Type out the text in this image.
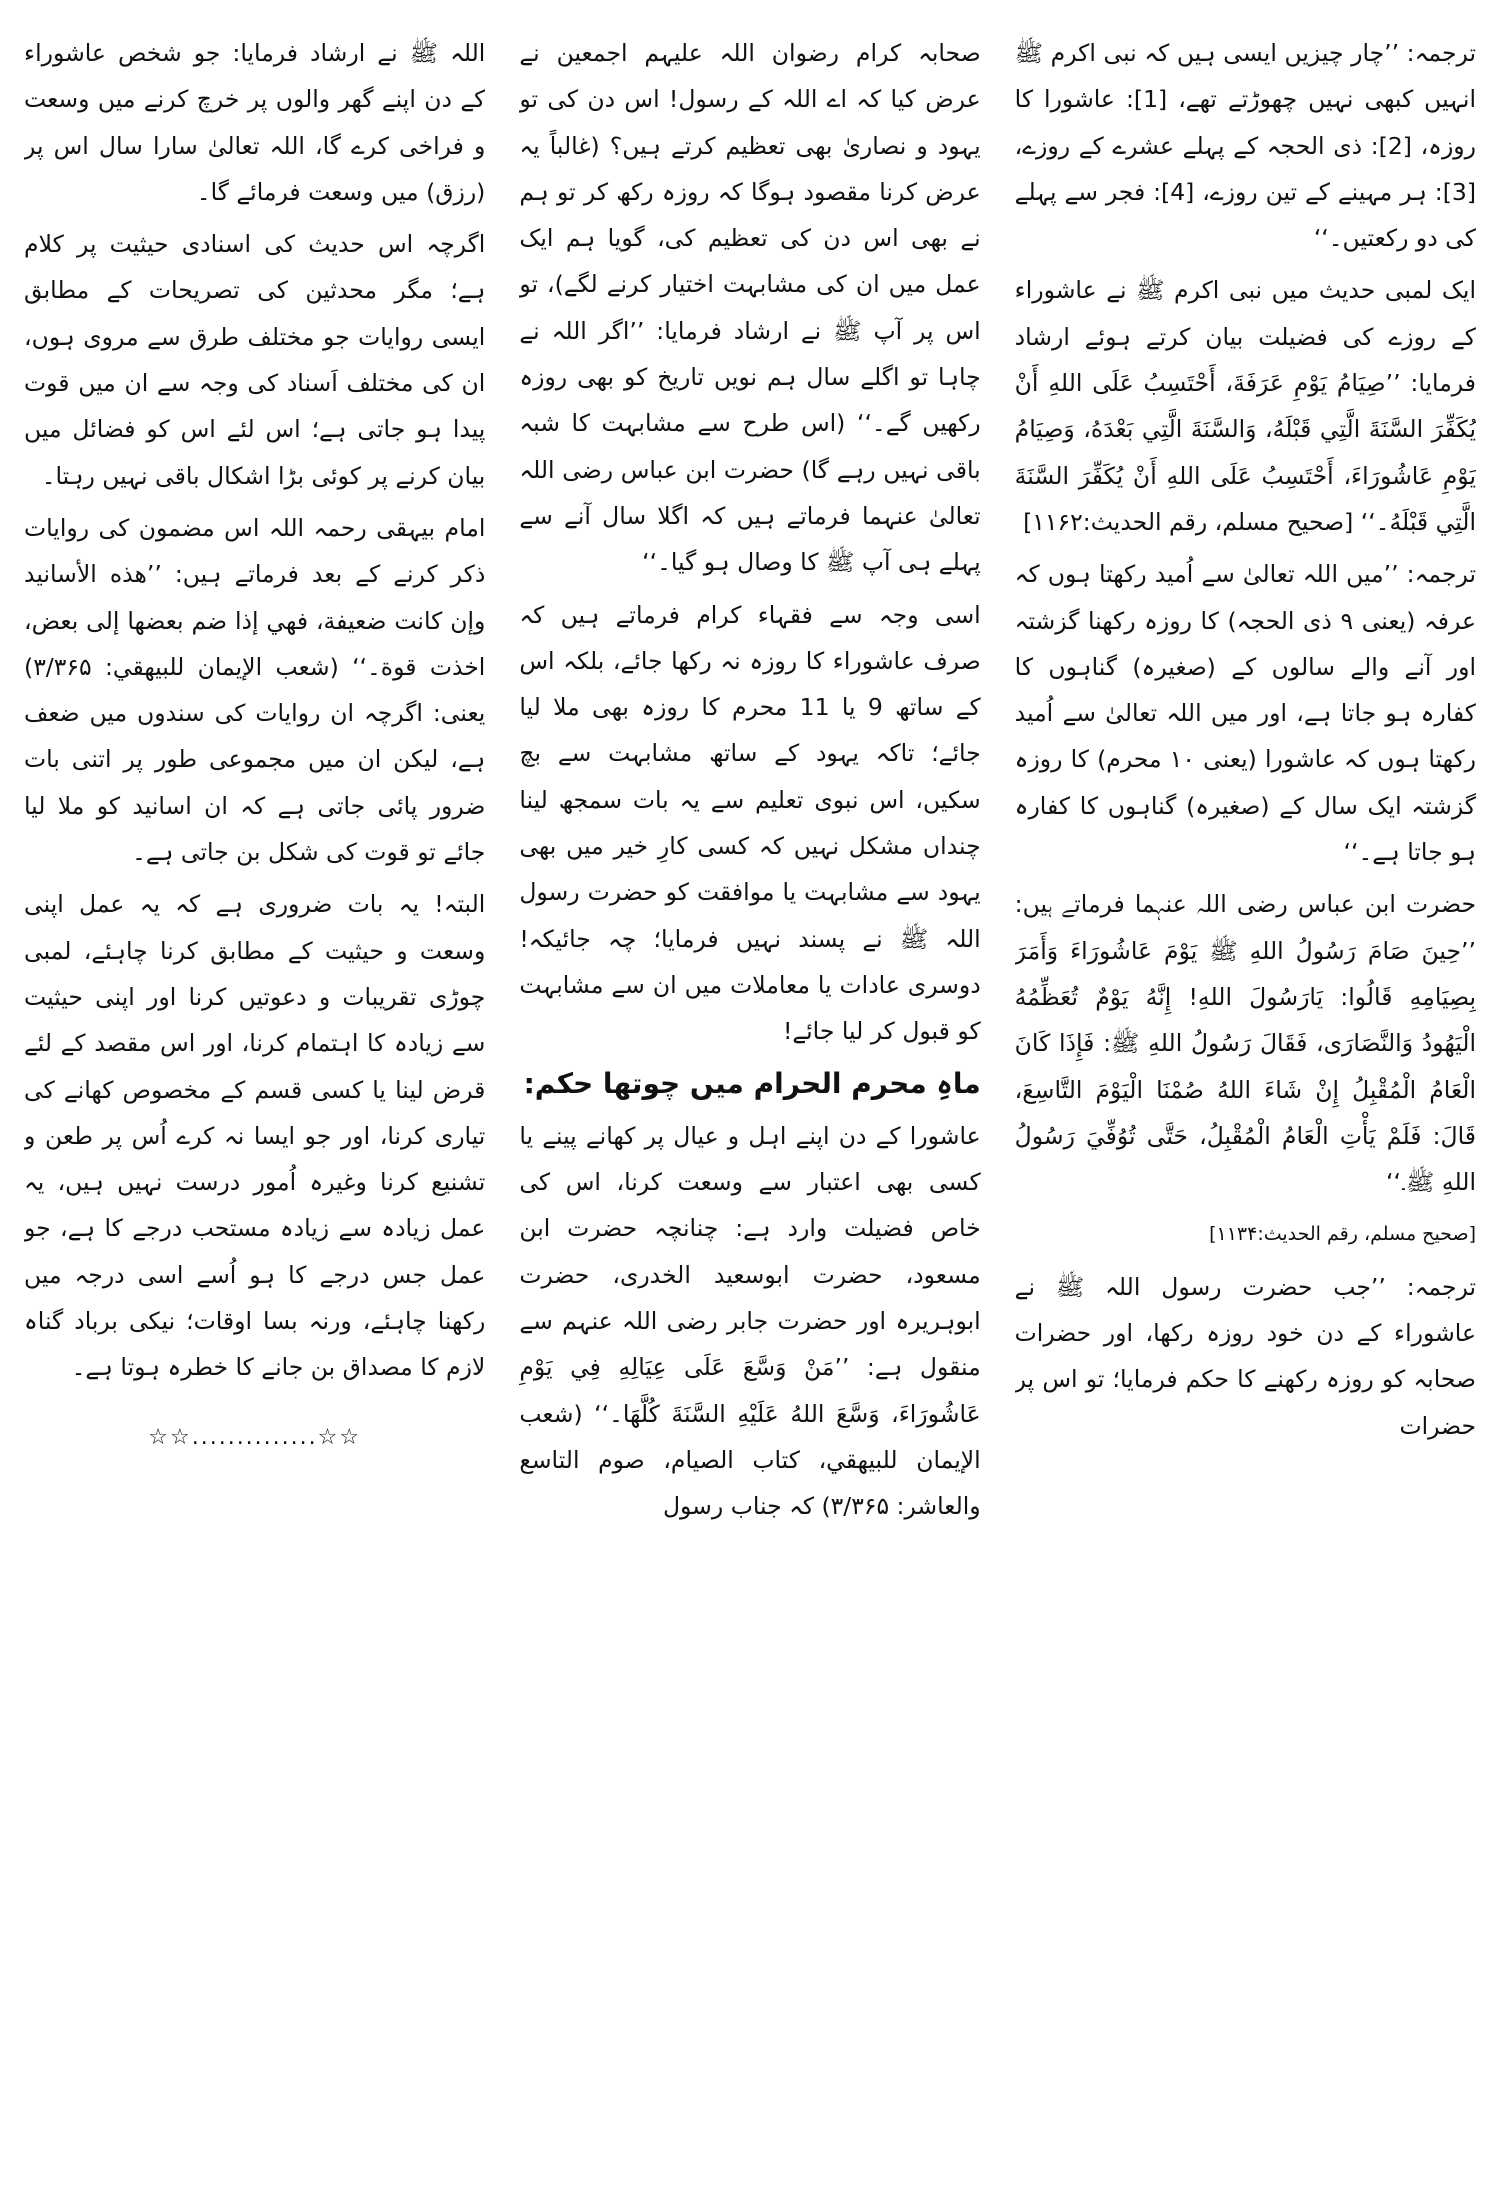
ترجمہ: ’’چار چیزیں ایسی ہیں کہ نبی اکرم ﷺ انہیں کبھی نہیں چھوڑتے تھے، [1]: عاشورا کا روزہ، [2]: ذی الحجہ کے پہلے عشرے کے روزے، [3]: ہر مہینے کے تین روزے، [4]: فجر سے پہلے کی دو رکعتیں۔‘‘

ایک لمبی حدیث میں نبی اکرم ﷺ نے عاشوراء کے روزے کی فضیلت بیان کرتے ہوئے ارشاد فرمایا: ’’صِيَامُ يَوْمِ عَرَفَةَ، أَحْتَسِبُ عَلَى اللهِ أَنْ يُكَفِّرَ السَّنَةَ الَّتِي قَبْلَهُ، وَالسَّنَةَ الَّتِي بَعْدَهُ، وَصِيَامُ يَوْمِ عَاشُورَاءَ، أَحْتَسِبُ عَلَى اللهِ أَنْ يُكَفِّرَ السَّنَةَ الَّتِي قَبْلَهُ۔‘‘ [صحیح مسلم، رقم الحدیث:۱۱۶۲]

ترجمہ: ’’میں اللہ تعالیٰ سے اُمید رکھتا ہوں کہ عرفہ (یعنی ۹ ذی الحجہ) کا روزہ رکھنا گزشتہ اور آنے والے سالوں کے (صغیرہ) گناہوں کا کفارہ ہو جاتا ہے، اور میں اللہ تعالیٰ سے اُمید رکھتا ہوں کہ عاشورا (یعنی ۱۰ محرم) کا روزہ گزشتہ ایک سال کے (صغیرہ) گناہوں کا کفارہ ہو جاتا ہے۔‘‘

حضرت ابن عباس رضی اللہ عنہما فرماتے ہیں: ’’حِينَ صَامَ رَسُولُ اللهِ ﷺ يَوْمَ عَاشُورَاءَ وَأَمَرَ بِصِيَامِهِ قَالُوا: يَارَسُولَ اللهِ! إِنَّهُ يَوْمٌ تُعَظِّمُهُ الْيَهُودُ وَالنَّصَارَى، فَقَالَ رَسُولُ اللهِ ﷺ: فَإِذَا كَانَ الْعَامُ الْمُقْبِلُ إِنْ شَاءَ اللهُ صُمْنَا الْيَوْمَ التَّاسِعَ، قَالَ: فَلَمْ يَأْتِ الْعَامُ الْمُقْبِلُ، حَتَّى تُوُفِّيَ رَسُولُ اللهِ ﷺ۔‘‘

[صحیح مسلم، رقم الحدیث:۱۱۳۴]

ترجمہ: ’’جب حضرت رسول اللہ ﷺ نے عاشوراء کے دن خود روزہ رکھا، اور حضرات صحابہ کو روزہ رکھنے کا حکم فرمایا؛ تو اس پر حضرات

صحابہ کرام رضوان اللہ علیہم اجمعین نے عرض کیا کہ اے اللہ کے رسول! اس دن کی تو یہود و نصاریٰ بھی تعظیم کرتے ہیں؟ (غالباً یہ عرض کرنا مقصود ہوگا کہ روزہ رکھ کر تو ہم نے بھی اس دن کی تعظیم کی، گویا ہم ایک عمل میں ان کی مشابہت اختیار کرنے لگے)، تو اس پر آپ ﷺ نے ارشاد فرمایا: ’’اگر اللہ نے چاہا تو اگلے سال ہم نویں تاریخ کو بھی روزہ رکھیں گے۔‘‘ (اس طرح سے مشابہت کا شبہ باقی نہیں رہے گا) حضرت ابن عباس رضی اللہ تعالیٰ عنہما فرماتے ہیں کہ اگلا سال آنے سے پہلے ہی آپ ﷺ کا وصال ہو گیا۔‘‘

اسی وجہ سے فقہاء کرام فرماتے ہیں کہ صرف عاشوراء کا روزہ نہ رکھا جائے، بلکہ اس کے ساتھ 9 یا 11 محرم کا روزہ بھی ملا لیا جائے؛ تاکہ یہود کے ساتھ مشابہت سے بچ سکیں، اس نبوی تعلیم سے یہ بات سمجھ لینا چنداں مشکل نہیں کہ کسی کارِ خیر میں بھی یہود سے مشابہت یا موافقت کو حضرت رسول اللہ ﷺ نے پسند نہیں فرمایا؛ چہ جائیکہ! دوسری عادات یا معاملات میں ان سے مشابہت کو قبول کر لیا جائے!

ماہِ محرم الحرام میں چوتھا حکم:

عاشورا کے دن اپنے اہل و عیال پر کھانے پینے یا کسی بھی اعتبار سے وسعت کرنا، اس کی خاص فضیلت وارد ہے: چنانچہ حضرت ابن مسعود، حضرت ابوسعید الخدری، حضرت ابوہریرہ اور حضرت جابر رضی اللہ عنہم سے منقول ہے: ’’مَنْ وَسَّعَ عَلَى عِيَالِهِ فِي يَوْمِ عَاشُورَاءَ، وَسَّعَ اللهُ عَلَيْهِ السَّنَةَ كُلَّهَا۔‘‘ (شعب الإيمان للبيهقي، كتاب الصيام، صوم التاسع والعاشر: ۳/۳۶۵) کہ جناب رسول

اللہ ﷺ نے ارشاد فرمایا: جو شخص عاشوراء کے دن اپنے گھر والوں پر خرچ کرنے میں وسعت و فراخی کرے گا، اللہ تعالیٰ سارا سال اس پر (رزق) میں وسعت فرمائے گا۔

اگرچہ اس حدیث کی اسنادی حیثیت پر کلام ہے؛ مگر محدثین کی تصریحات کے مطابق ایسی روایات جو مختلف طرق سے مروی ہوں، ان کی مختلف اَسناد کی وجہ سے ان میں قوت پیدا ہو جاتی ہے؛ اس لئے اس کو فضائل میں بیان کرنے پر کوئی بڑا اشکال باقی نہیں رہتا۔

امام بیہقی رحمہ اللہ اس مضمون کی روایات ذکر کرنے کے بعد فرماتے ہیں: ’’هذه الأسانيد وإن كانت ضعيفة، فهي إذا ضم بعضها إلى بعض، اخذت قوة۔‘‘ (شعب الإيمان للبيهقي: ۳/۳۶۵) یعنی: اگرچہ ان روایات کی سندوں میں ضعف ہے، لیکن ان میں مجموعی طور پر اتنی بات ضرور پائی جاتی ہے کہ ان اسانید کو ملا لیا جائے تو قوت کی شکل بن جاتی ہے۔

البتہ! یہ بات ضروری ہے کہ یہ عمل اپنی وسعت و حیثیت کے مطابق کرنا چاہئے، لمبی چوڑی تقریبات و دعوتیں کرنا اور اپنی حیثیت سے زیادہ کا اہتمام کرنا، اور اس مقصد کے لئے قرض لینا یا کسی قسم کے مخصوص کھانے کی تیاری کرنا، اور جو ایسا نہ کرے اُس پر طعن و تشنیع کرنا وغیرہ اُمور درست نہیں ہیں، یہ عمل زیادہ سے زیادہ مستحب درجے کا ہے، جو عمل جس درجے کا ہو اُسے اسی درجہ میں رکھنا چاہئے، ورنہ بسا اوقات؛ نیکی برباد گناہ لازم کا مصداق بن جانے کا خطرہ ہوتا ہے۔

☆☆..............☆☆
